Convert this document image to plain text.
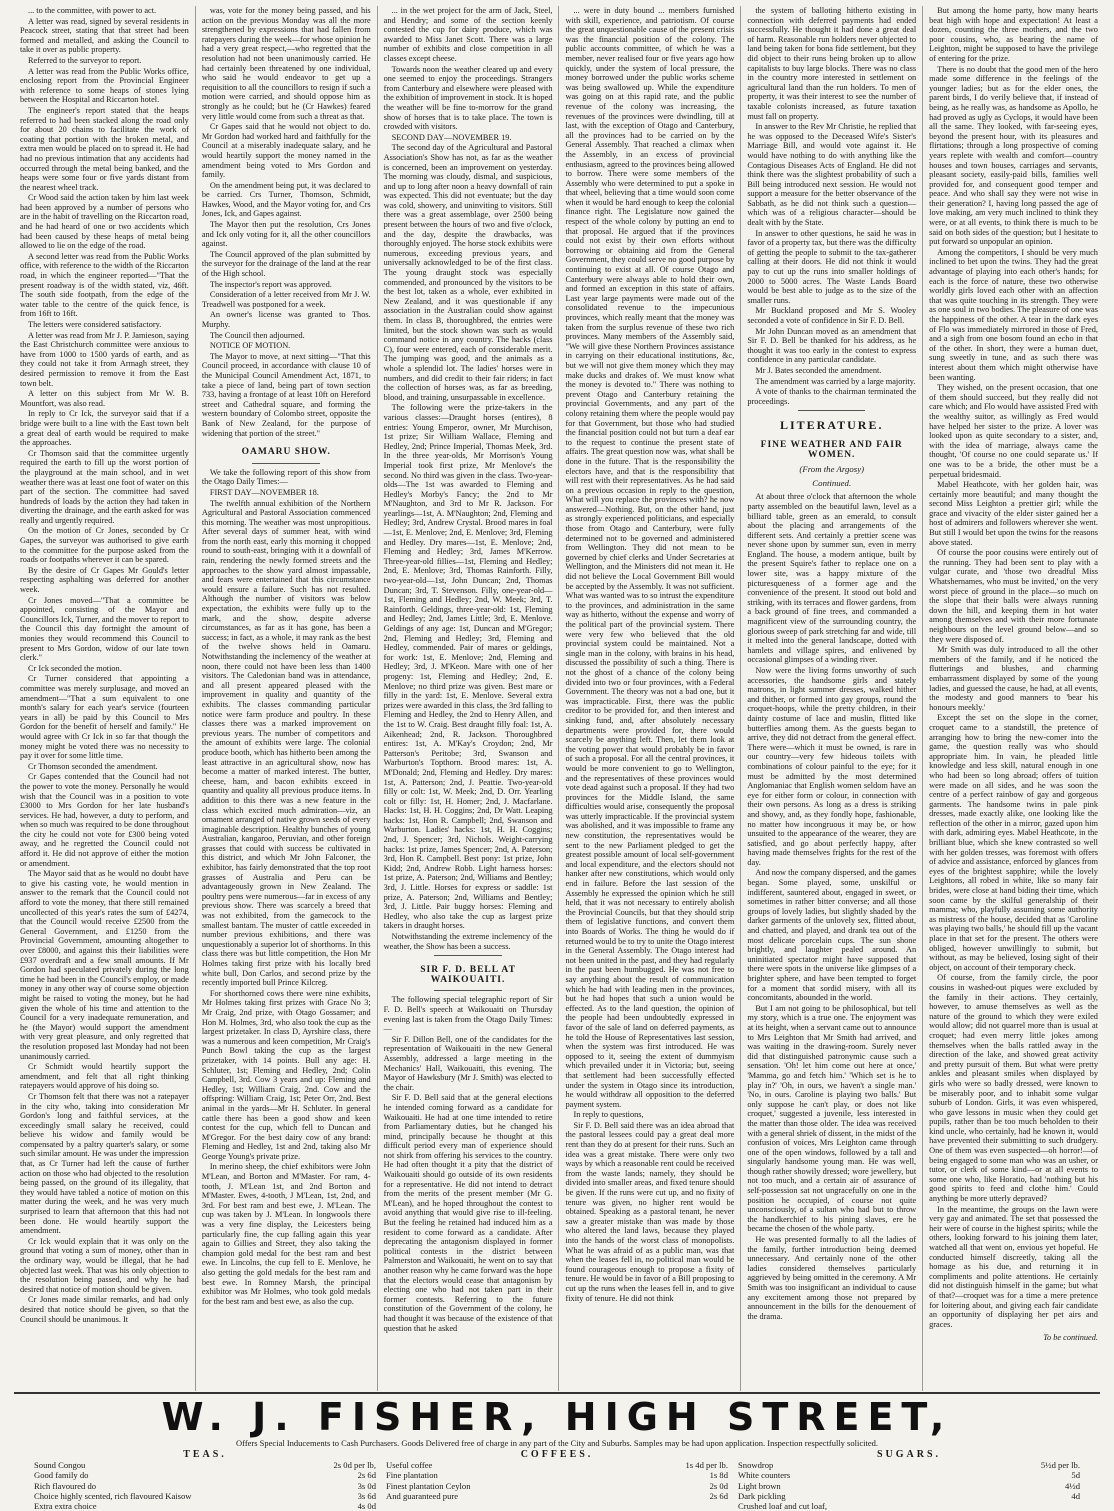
... to the committee, with power to act.

A letter was read, signed by several residents in Peacock street, stating that that street had been formed and metalled, and asking the Council to take it over as public property.

Referred to the surveyor to report.

A letter was read from the Public Works office, enclosing report from the Provincial Engineer with reference to some heaps of stones lying between the Hospital and Riccarton hotel.

The engineer's report stated that the heaps referred to had been stacked along the road only for about 20 chains to facilitate the work of coating that portion with the broken metal, and extra men would be placed on to spread it. He had had no previous intimation that any accidents had occurred through the metal being banked, and the heaps were some four or five yards distant from the nearest wheel track.

Cr Wood said the action taken by him last week had been approved by a number of persons who are in the habit of travelling on the Riccarton road, and he had heard of one or two accidents which had been caused by these heaps of metal being allowed to lie on the edge of the road.

A second letter was read from the Public Works office, with reference to the width of the Riccarton road, in which the engineer reported—"That the present roadway is of the width stated, viz, 46ft. The south side footpath, from the edge of the water table to the centre of the quick fence, is from 16ft to 16ft.

The letters were considered satisfactory.

A letter was read from Mr J. P. Jamieson, saying the East Christchurch committee were anxious to have from 1000 to 1500 yards of earth, and as they could not take it from Armagh street, they desired permission to remove it from the East town belt.

A letter on this subject from Mr W. B. Mountfort, was also read.

In reply to Cr Ick, the surveyor said that if a bridge were built to a line with the East town belt a great deal of earth would be required to make the approaches.

Cr Thomson said that the committee urgently required the earth to fill up the worst portion of the playground at the main school, and in wet weather there was at least one foot of water on this part of the section. The committee had saved hundreds of loads by the action they had taken in diverting the drainage, and the earth asked for was really and urgently required.

On the motion of Cr Jones, seconded by Cr Gapes, the surveyor was authorised to give earth to the committee for the purpose asked from the roads or footpaths wherever it can be spared.

By the desire of Cr Gapes Mr Gould's letter respecting asphalting was deferred for another week.

Cr Jones moved—"That a committee be appointed, consisting of the Mayor and Councillors Ick, Turner, and the mover to report to the Council this day fortnight the amount of monies they would recommend this Council to present to Mrs Gordon, widow of our late town clerk."

Cr Ick seconded the motion.

Cr Turner considered that appointing a committee was merely surplusage, and moved an amendment—"That a sum equivalent to one month's salary for each year's service (fourteen years in all) be paid by this Council to Mrs Gordon for the benefit of herself and family." He would agree with Cr Ick in so far that though the money might be voted there was no necessity to pay it over for some little time.

Cr Thomson seconded the amendment.

Cr Gapes contended that the Council had not the power to vote the money. Personally he would wish that the Council was in a position to vote £3000 to Mrs Gordon for her late husband's services. He had, however, a duty to perform, and when so much was required to be done throughout the city he could not vote for £300 being voted away, and he regretted the Council could not afford it. He did not approve of either the motion or amendment.

The Mayor said that as he would no doubt have to give his casting vote, he would mention in answer to the remark that the Council could not afford to vote the money, that there still remained uncollected of this year's rates the sum of £4274, that the Council would receive £2500 from the General Government, and £1250 from the Provincial Government, amounting altogether to over £8000, and against this their liabilities were £937 overdraft and a few small amounts. If Mr Gordon had speculated privately during the long time he had been in the Council's employ, or made money in any other way of course some objection might be raised to voting the money, but he had given the whole of his time and attention to the Council for a very inadequate remuneration, and he (the Mayor) would support the amendment with very great pleasure, and only regretted that the resolution proposed last Monday had not been unanimously carried.

Cr Schmidt would heartily support the amendment, and felt that all right thinking ratepayers would approve of his doing so.

Cr Thomson felt that there was not a ratepayer in the city who, taking into consideration Mr Gordon's long and faithful services, at the exceedingly small salary he received, could believe his widow and family would be compensated by a paltry quarter's salary, or some such similar amount. He was under the impression that, as Cr Turner had left the cause of further action on those who had objected to the resolution being passed, on the ground of its illegality, that they would have tabled a notice of motion on this matter during the week, and he was very much surprised to learn that afternoon that this had not been done. He would heartily support the amendment.

Cr Ick would explain that it was only on the ground that voting a sum of money, other than in the ordinary way, would be illegal, that he had objected last week. That was his only objection to the resolution being passed, and why he had desired that notice of motion should be given.

Cr Jones made similar remarks, and had only desired that notice should be given, so that the Council should be unanimous. It

was, vote for the money being passed, and his action on the previous Monday was all the more strengthened by expressions that had fallen from ratepayers during the week—for whose opinion he had a very great respect,—who regretted that the resolution had not been unanimously carried. He had certainly been threatened by one individual, who said he would endeavor to get up a requisition to all the councillors to resign if such a motion were carried, and should oppose him as strongly as he could; but he (Cr Hawkes) feared very little would come from such a threat as that.

Cr Gapes said that he would not object to do. Mr Gordon had worked hard and faithfully for the Council at a miserably inadequate salary, and he would heartily support the money named in the amendment being voted to Mrs Gordon and family.

On the amendment being put, it was declared to be carried. Crs Turner, Thomson, Schmidt, Hawkes, Wood, and the Mayor voting for, and Crs Jones, Ick, and Gapes against.

The Mayor then put the resolution, Crs Jones and Ick only voting for it, all the other councillors against.

The Council approved of the plan submitted by the surveyor for the drainage of the land at the rear of the High school.

The inspector's report was approved.

Consideration of a letter received from Mr J. W. Treadwell was postponed for a week.

An owner's license was granted to Thos. Murphy.

The Council then adjourned.

NOTICE OF MOTION.

The Mayor to move, at next sitting—"That this Council proceed, in accordance with clause 10 of the Municipal Council Amendment Act, 1871, to take a piece of land, being part of town section 733, having a frontage of at least 10ft on Hereford street and Cathedral square, and forming the western boundary of Colombo street, opposite the Bank of New Zealand, for the purpose of widening that portion of the street."

OAMARU SHOW.

We take the following report of this show from the Otago Daily Times:—

FIRST DAY—NOVEMBER 18.

The twelfth annual exhibition of the Northern Agricultural and Pastoral Association commenced this morning. The weather was most unpropitious. After several days of summer heat, with wind from the north east, early this morning it chopped round to south-east, bringing with it a downfall of rain, rendering the newly formed streets and the approaches to the show yard almost impassable, and fears were entertained that this circumstance would ensure a failure. Such has not resulted. Although the number of visitors was below expectation, the exhibits were fully up to the mark, and the show, despite adverse circumstances, as far as it has gone, has been a success; in fact, as a whole, it may rank as the best of the twelve shows held in Oamaru. Notwithstanding the inclemency of the weather at noon, there could not have been less than 1400 visitors. The Caledonian band was in attendance, and all present appeared pleased with the improvement in quality and quantity of the exhibits. The classes commanding particular notice were farm produce and poultry. In these classes there was a marked improvement on previous years. The number of competitors and the amount of exhibits were large. The colonial produce booth, which has hitherto been among the least attractive in an agricultural show, now has become a matter of marked interest. The butter, cheese, ham, and bacon exhibits exceed in quantity and quality all previous produce items. In addition to this there was a new feature in the class which excited much admiration—viz, an ornament arranged of native grown seeds of every imaginable description. Healthy bunches of young Australian, kangaroo, Peruvian, and other foreign grasses that could with success be cultivated in this district, and which Mr John Falconer, the exhibitor, has fairly demonstrated that the top root grasses of Australia and Peru can be advantageously grown in New Zealand. The poultry pens were numerous—far in excess of any previous show. There was scarcely a breed that was not exhibited, from the gamecock to the smallest bantam. The muster of cattle exceeded in number previous exhibitions, and there was unquestionably a superior lot of shorthorns. In this class there was but little competition, the Hon Mr Holmes taking first prize with his locally bred white bull, Don Carlos, and second prize by the recently imported bull Prince Kilcreg.

For shorthorned cows there were nine exhibits, Mr Holmes taking first prizes with Grace No 3; Mr Craig, 2nd prize, with Otago Gossamer; and Hon M. Holmes, 3rd, who also took the cup as the largest prizetaker. In class D, Ayrshire class, there was a numerous and keen competition, Mr Craig's Punch Bowl taking the cup as the largest prizetaker, with 14 points. Bull any age: H. Schluter, 1st; Fleming and Hedley, 2nd; Colin Campbell, 3rd. Cow 3 years and up: Fleming and Hedley, 1st; William Craig, 2nd. Cow and the offspring: William Craig, 1st; Peter Orr, 2nd. Best animal in the yards—Mr H. Schluter. In general cattle there has been a good show and keen contest for the cup, which fell to Duncan and M'Gregor. For the best dairy cow of any brand: Fleming and Hedley, 1st and 2nd, taking also Mr George Young's private prize.

In merino sheep, the chief exhibitors were John M'Lean, and Borton and M'Master. For ram, 4-tooth, J. M'Lean 1st, and 2nd Borton and M'Master. Ewes, 4-tooth, J M'Lean, 1st, 2nd, and 3rd. For best ram and best ewe, J. M'Lean. The cup was taken by J. M'Lean. In longwools there was a very fine display, the Leicesters being particularly fine, the cup falling again this year again to Gillies and Street, they also taking the champion gold medal for the best ram and best ewe. In Lincolns, the cup fell to E. Menlove, he also getting the gold medals for the best ram and best ewe. In Romney Marsh, the principal exhibitor was Mr Holmes, who took gold medals for the best ram and best ewe, as also the cup.

... in the wet project for the arm of Jack, Steel, and Hendry; and some of the section keenly contested the cup for dairy produce, which was awarded to Miss Janet Scott. There was a large number of exhibits and close competition in all classes except cheese.

Towards noon the weather cleared up and every one seemed to enjoy the proceedings. Strangers from Canterbury and elsewhere were pleased with the exhibition of improvement in stock. It is hoped the weather will be fine to-morrow for the grand show of horses that is to take place. The town is crowded with visitors.

SECOND DAY—NOVEMBER 19.

The second day of the Agricultural and Pastoral Association's Show has not, as far as the weather is concerned, been an improvement on yesterday. The morning was cloudy, dismal, and suspicious, and up to long after noon a heavy downfall of rain was expected. This did not eventuate; but the day was cold, showery, and uninviting to visitors. Still there was a great assemblage, over 2500 being present between the hours of two and five o'clock, and the day, despite the drawbacks, was thoroughly enjoyed. The horse stock exhibits were numerous, exceeding previous years, and universally acknowledged to be of the first class. The young draught stock was especially commended, and pronounced by the visitors to be the best lot, taken as a whole, ever exhibited in New Zealand, and it was questionable if any association in the Australian could show against them. In class B, thoroughbred, the entries were limited, but the stock shown was such as would command notice in any country. The hacks (class C), four were entered, each of considerable merit. The jumping was good, and the animals as a whole a splendid lot. The ladies' horses were in numbers, and did credit to their fair riders; in fact the collection of horses was, as far as breeding, blood, and training, unsurpassable in excellence.

The following were the prize-takers in the various classes:—Draught horses (entires), 8 entries: Young Emperor, owner, Mr Murchison, 1st prize; Sir William Wallace, Fleming and Hedley, 2nd; Prince Imperial, Thomas Meek, 3rd. In the three year-olds, Mr Morrison's Young Imperial took first prize, Mr Menlove's the second. No third was given in the class. Two-year-olds—The 1st was awarded to Fleming and Hedley's Morby's Fancy; the 2nd to Mr M'Naughton, and 3rd to Mr R. Jackson. For yearlings—1st, A. M'Naughton; 2nd, Fleming and Hedley; 3rd, Andrew Crystal. Brood mares in foal—1st, E. Menlove; 2nd, E. Menlove; 3rd, Fleming and Hedley. Dry mares—1st, E. Menlove; 2nd, Fleming and Hedley; 3rd, James M'Kerrow. Three-year-old fillies—1st, Fleming and Hedley; 2nd, E. Menlove; 3rd, Thomas Rainforth. Filly, two-year-old—1st, John Duncan; 2nd, Thomas Duncan; 3rd, T. Stevenson. Filly, one-year-old—1st, Fleming and Hedley; 2nd, W. Meek; 3rd, T. Rainforth. Geldings, three-year-old: 1st, Fleming and Hedley; 2nd, James Little; 3rd, E. Menlove. Geldings of any age: 1st, Duncan and M'Gregor; 2nd, Fleming and Hedley; 3rd, Fleming and Hedley, commended. Pair of mares or geldings, for work: 1st, E. Menlove; 2nd, Fleming and Hedley; 3rd, J. M'Keon. Mare with one of her progeny: 1st, Fleming and Hedley; 2nd, E. Menlove; no third prize was given. Best mare or filly in the yard: 1st, E. Menlove. Several extra prizes were awarded in this class, the 3rd falling to Fleming and Hedley, the 2nd to Henry Allen, and the 1st to W. Craig. Best draught filly foal: 1st, A. Aikenhead; 2nd, R. Jackson. Thoroughbred entires: 1st, A. M'Kay's Croydon; 2nd, Mr Patterson's Peritobe; 3rd, Swanson and Warburton's Topthorn. Brood mares: 1st, A. M'Donald; 2nd, Fleming and Hedley. Dry mares: 1st, A. Patterson; 2nd, J. Peattie. Two-year-old filly or colt: 1st, W. Meek; 2nd, D. Orr. Yearling colt or filly: 1st, H. Homer; 2nd, J. Macfarlane. Hacks: 1st, H. H. Coggins; 2nd, Dr Watt. Leaping hacks: 1st, Hon R. Campbell; 2nd, Swanson and Warburton. Ladies' hacks: 1st, H. H. Coggins; 2nd, J. Spencer; 3rd, Nichols. Weight-carrying hacks: 1st prize, James Spencer; 2nd, A. Paterson; 3rd, Hon R. Campbell. Best pony: 1st prize, John Kidd; 2nd, Andrew Robb. Light harness horses: 1st prize, A. Paterson; 2nd, Williams and Bentley; 3rd, J. Little. Horses for express or saddle: 1st prize, A. Paterson; 2nd, Williams and Bentley; 3rd, J. Little. Pair buggy horses: Fleming and Hedley, who also take the cup as largest prize takers in draught horses.

Notwithstanding the extreme inclemency of the weather, the Show has been a success.

SIR F. D. BELL AT WAIKOUAITI.

The following special telegraphic report of Sir F. D. Bell's speech at Waikouaiti on Thursday evening last is taken from the Otago Daily Times:—

Sir F. Dillon Bell, one of the candidates for the representation of Waikouaiti in the new General Assembly, addressed a large meeting in the Mechanics' Hall, Waikouaiti, this evening. The Mayor of Hawksbury (Mr J. Smith) was elected to the chair.

Sir F. D. Bell said that at the general elections he intended coming forward as a candidate for Waikouaiti. He had at one time intended to retire from Parliamentary duties, but he changed his mind, principally because he thought at this difficult period every man of experience should not shirk from offering his services to the country. He had often thought it a pity that the district of Waikouaiti should go outside of its own residents for a representative. He did not intend to detract from the merits of the present member (Mr G. M'Lean), and he hoped throughout the contest to avoid anything that would give rise to ill-feeling. But the feeling he retained had induced him as a resident to come forward as a candidate. After deprecating the antagonism displayed in former political contests in the district between Palmerston and Waikouaiti, he went on to say that another reason why he came forward was the hope that the electors would cease that antagonism by electing one who had not taken part in their former contests. Referring to the future constitution of the Government of the colony, he had thought it was because of the existence of that question that he asked

... were in duty bound ... members furnished with skill, experience, and patriotism. Of course the great unquestionable cause of the present crisis was the financial position of the colony. The public accounts committee, of which he was a member, never realised four or five years ago how quickly, under the system of local pressure, the money borrowed under the public works scheme was being swallowed up. While the expenditure was going on at this rapid rate, and the public revenue of the colony was increasing, the revenues of the provinces were dwindling, till at last, with the exception of Otago and Canterbury, all the provinces had to be carried on by the General Assembly. That reached a climax when the Assembly, in an excess of provincial enthusiasm, agreed to the provinces being allowed to borrow. There were some members of the Assembly who were determined to put a spoke in that wheel, believing that a time would soon come when it would be hard enough to keep the colonial finance right. The Legislature now gained the respect of the whole colony by putting an end to that proposal. He argued that if the provinces could not exist by their own efforts without borrowing or obtaining aid from the General Government, they could serve no good purpose by continuing to exist at all. Of course Otago and Canterbury were always able to hold their own, and formed an exception in this state of affairs. Last year large payments were made out of the consolidated revenue to the impecunious provinces, which really meant that the money was taken from the surplus revenue of these two rich provinces. Many members of the Assembly said, "We will give these Northern Provinces assistance in carrying on their educational institutions, &c, but we will not give them money which they may make ducks and drakes of. We must know what the money is devoted to." There was nothing to prevent Otago and Canterbury retaining the provincial Governments, and any part of the colony retaining them where the people would pay for that Government, but those who had studied the financial position could not but turn a deaf ear to the request to continue the present state of affairs. The great question now was, what shall be done in the future. That is the responsibility the electors have, and that is the responsibility that will rest with their representatives. As he had said on a previous occasion in reply to the question, What will you replace the provinces with? he now answered—Nothing. But, on the other hand, just as strongly experienced politicians, and especially those from Otago and Canterbury, were fully determined not to be governed and administered from Wellington. They did not mean to be governed by chief clerks and Under Secretaries at Wellington, and the Ministers did not mean it. He did not believe the Local Government Bill would be accepted by the Assembly. It was not sufficient. What was wanted was to so intrust the expenditure to the provinces, and administration in the same way as hitherto, without the expense and worry of the political part of the provincial system. There were very few who believed that the old provincial system could be maintained. Not a single man in the colony, with brains in his head, discussed the possibility of such a thing. There is not the ghost of a chance of the colony being divided into two or four provinces, with a Federal Government. The theory was not a bad one, but it was impracticable. First, there was the public creditor to be provided for, and then interest and sinking fund, and, after absolutely necessary departments were provided for, there would scarcely be anything left. Then, let them look at the voting power that would probably be in favor of such a proposal. For all the central provinces, it would be more convenient to go to Wellington, and the representatives of these provinces would vote dead against such a proposal. If they had two provinces for the Middle Island, the same difficulties would arise, consequently the proposal was utterly impracticable. If the provincial system was abolished, and it was impossible to frame any new constitution, the representatives would be sent to the new Parliament pledged to get the greatest possible amount of local self-government and local expenditure, and the electors should not hanker after new constitutions, which would only end in failure. Before the last session of the Assembly he expressed the opinion which he still held, that it was not necessary to entirely abolish the Provincial Councils, but that they should strip them of legislative functions, and convert them into Boards of Works. The thing he would do if returned would be to try to unite the Otago interest in the General Assembly. The Otago interest had not been united in the past, and they had regularly in the past been humbugged. He was not free to say anything about the result of communication which he had with leading men in the provinces, but he had hopes that such a union would be effected. As to the land question, the opinion of the people had been undoubtedly expressed in favor of the sale of land on deferred payments, as he told the House of Representatives last session, when the system was first introduced. He was opposed to it, seeing the extent of dummyism which prevailed under it in Victoria; but, seeing that settlement had been successfully effected under the system in Otago since its introduction, he would withdraw all opposition to the deferred payment system.

In reply to questions,

Sir F. D. Bell said there was an idea abroad that the pastoral lessees could pay a great deal more rent than they do at present for their runs. Such an idea was a great mistake. There were only two ways by which a reasonable rent could be received from the waste lands; namely, they should be divided into smaller areas, and fixed tenure should be given. If the runs were cut up, and no fixity of tenure was given, no higher rent would be obtained. Speaking as a pastoral tenant, he never saw a greater mistake than was made by those who altered the land laws, because they played into the hands of the worst class of monopolists. What he was afraid of as a public man, was that when the leases fell in, no political man would be found courageous enough to propose a fixity of tenure. He would be in favor of a Bill proposing to cut up the runs when the leases fell in, and to give fixity of tenure. He did not think

the system of balloting hitherto existing in connection with deferred payments had ended successfully. He thought it had done a great deal of harm. Reasonable run holders never objected to land being taken for bona fide settlement, but they did object to their runs being broken up to allow capitalists to buy large blocks. There was no class in the country more interested in settlement on agricultural land than the run holders. To men of property, it was their interest to see the number of taxable colonists increased, as future taxation must fall on property.

In answer to the Rev Mr Christie, he replied that he was opposed to the Deceased Wife's Sister's Marriage Bill, and would vote against it. He would have nothing to do with anything like the Contagious Diseases Acts of England. He did not think there was the slightest probability of such a Bill being introduced next session. He would not support a measure for the better observance of the Sabbath, as he did not think such a question—which was of a religious character—should be dealt with by the State.

In answer to other questions, he said he was in favor of a property tax, but there was the difficulty of getting the people to submit to the tax-gatherer calling at their doors. He did not think it would pay to cut up the runs into smaller holdings of 2000 to 5000 acres. The Waste Lands Board would be best able to judge as to the size of the smaller runs.

Mr Buckland proposed and Mr S. Wooley seconded a vote of confidence in Sir F. D. Bell.

Mr John Duncan moved as an amendment that Sir F. D. Bell be thanked for his address, as he thought it was too early in the contest to express confidence in any particular candidate.

Mr J. Bates seconded the amendment.

The amendment was carried by a large majority.

A vote of thanks to the chairman terminated the proceedings.

LITERATURE.
FINE WEATHER AND FAIR WOMEN.
(From the Argosy)
Continued.

At about three o'clock that afternoon the whole party assembled on the beautiful lawn, level as a billiard table, green as an emerald, to consult about the placing and arrangements of the different sets. And certainly a prettier scene was never shone upon by summer sun, even in merry England. The house, a modern antique, built by the present Squire's father to replace one on a lower site, was a happy mixture of the picturesqueness of a former age and the convenience of the present. It stood out bold and striking, with its terraces and flower gardens, from a back ground of fine trees, and commanded a magnificent view of the surrounding country, the glorious sweep of park stretching far and wide, till it melted into the general landscape, dotted with hamlets and village spires, and enlivened by occasional glimpses of a winding river.

Now were the living forms unworthy of such accessories, the handsome girls and stately matrons, in light summer dresses, walked hither and thither, or formed into gay groups, round the croquet-hoops, while the pretty children, in their dainty costume of lace and muslin, flitted like butterflies among them. As the guests began to arrive, they did not detract from the general effect. There were—which it must be owned, is rare in our country—very few hideous toilets with combinations of colour painful to the eye; for it must be admitted by the most determined Anglomaniac that English women seldom have an eye for either form or colour, in connection with their own persons. As long as a dress is striking and showy, and, as they fondly hope, fashionable, no matter how incongruous it may be, or how unsuited to the appearance of the wearer, they are satisfied, and go about perfectly happy, after having made themselves frights for the rest of the day.

And now the company dispersed, and the games began. Some played, some, unskilful or indifferent, sauntered about, engaged in sweet, or sometimes in rather bitter converse; and all those groups of lovely ladies, but slightly shaded by the darker garments of the unlovely sex, flitted about, and chatted, and played, and drank tea out of the most delicate porcelain cups. The sun shone brightly, and laughter pealed around. An uninitiated spectator might have supposed that there were spots in the universe like glimpses of a brighter sphere, and have been tempted to forget for a moment that sordid misery, with all its concomitants, abounded in the world.

But I am not going to be philosophical, but tell my story, which is a true one. The enjoyment was at its height, when a servant came out to announce to Mrs Leighton that Mr Smith had arrived, and was waiting in the drawing-room. Surely never did that distinguished patronymic cause such a sensation. 'Oh! let him come out here at once,' 'Mamma, go and fetch him.' 'Which set is he to play in?' 'Oh, in ours, we haven't a single man.' 'No, in ours. Caroline is playing two balls.' But only suppose he can't play, or does not like croquet,' suggested a juvenile, less interested in the matter than those older. The idea was received with a general shriek of dissent, in the midst of the confusion of voices, Mrs Leighton came through one of the open windows, followed by a tall and singularly handsome young man. He was well, though rather showily dressed; wore jewellery, but not too much, and a certain air of assurance of self-possession sat not ungracefully on one in the position he occupied, of course not quite unconsciously, of a sultan who had but to throw the handkerchief to his pining slaves, ere he became the chosen of the whole party.

He was presented formally to all the ladies of the family, further introduction being deemed unnecessary. And certainly none of the other ladies considered themselves particularly aggrieved by being omitted in the ceremony. A Mr Smith was too insignificant an individual to cause any excitement among those not prepared by announcement in the bills for the denouement of the drama.

But among the home party, how many hearts beat high with hope and expectation! At least a dozen, counting the three mothers, and the two poor cousins, who, as bearing the name of Leighton, might be supposed to have the privilege of entering for the prize.

There is no doubt that the good men of the hero made some difference in the feelings of the younger ladies; but as for the elder ones, the parent birds, I do verily believe that, if instead of being, as he really was, as handsome as Apollo, he had proved as ugly as Cyclops, it would have been all the same. They looked, with far-seeing eyes, beyond the present hour, with its pleasures and flirtations; through a long prospective of coming years replete with wealth and comfort—country houses and town houses, carriages and servants, pleasant society, easily-paid bills, families well provided for, and consequent good temper and peace. And who shall say they were not wise in their generation? I, having long passed the age of love making, am very much inclined to think they were, or at all events, to think there is much to be said on both sides of the question; but I hesitate to put forward so unpopular an opinion.

Among the competitors, I should be very much inclined to bet upon the twins. They had the great advantage of playing into each other's hands; for each is the force of nature, these two otherwise worldly girls loved each other with an affection that was quite touching in its strength. They were as one soul in two bodies. The pleasure of one was the happiness of the other. A tear in the dark eyes of Flo was immediately mirrored in those of Fred, and a sigh from one bosom found an echo in that of the other. In short, they were a human duet, sung sweetly in tune, and as such there was interest about them which might otherwise have been wanting.

They wished, on the present occasion, that one of them should succeed, but they really did not care which; and Flo would have assisted Fred with the wealthy suitor, as willingly as Fred would have helped her sister to the prize. A lover was looked upon as quite secondary to a sister, and, with the idea of marriage, always came the thought, 'Of course no one could separate us.' If one was to be a bride, the other must be a perpetual bridesmaid.

Mabel Heathcote, with her golden hair, was certainly more beautiful; and many thought the second Miss Leighton a prettier girl; while the grace and vivacity of the elder sister gained her a host of admirers and followers wherever she went. But still I would bet upon the twins for the reasons above stated.

Of course the poor cousins were entirely out of the running. They had been sent to play with a vulgar curate, and 'those two dreadful Miss Whatshernames, who must be invited,' on the very worst piece of ground in the place—so much on the slope that their balls were always running down the hill, and keeping them in hot water among themselves and with their more fortunate neighbours on the level ground below—and so they were disposed of.

Mr Smith was duly introduced to all the other members of the family, and if he noticed the flutterings and blushes, and charming embarrassment displayed by some of the young ladies, and guessed the cause, he had, at all events, the modesty and good manners to 'bear his honours meekly.'

Except the set on the slope in the corner, croquet came to a standstill, the pretence of arranging how to bring the new-comer into the game, the question really was who should appropriate him. In vain, he pleaded little knowledge and less skill, natural enough in one who had been so long abroad; offers of tuition were made on all sides, and he was soon the centre of a perfect rainbow of gay and gorgeous garments. The handsome twins in pale pink dresses, made exactly alike, one looking like the reflection of the other in a mirror, gazed upon him with dark, admiring eyes. Mabel Heathcote, in the brilliant blue, which she knew contrasted so well with her golden tresses, was foremost with offers of advice and assistance, enforced by glances from eyes of the brightest sapphire; while the lovely Leightons, all robed in white, like so many fair brides, were close at hand biding their time, which soon came by the skilful generalship of their mamma; who, playfully assuming some authority as mistress of the house, decided that as 'Caroline was playing two balls,' he should fill up the vacant place in that set for the present. The others were obliged, however unwillingly to submit, but without, as may be believed, losing sight of their object, on account of their temporary check.

Of course, from the family circle, the poor cousins in washed-out piques were excluded by the family in their actions. They certainly, however, to amuse themselves as well as the nature of the ground to which they were exiled would allow; did not quarrel more than is usual at croquet; had even merry little jokes among themselves when the balls rattled away in the direction of the lake, and showed great activity and pretty pursuit of them. But what were pretty ankles and pleasant smiles when displayed by girls who were so badly dressed, were known to be miserably poor, and to inhabit some vulgar suburb of London. Girls, it was even whispered, who gave lessons in music when they could get pupils, rather than be too much beholden to their kind uncle, who certainly, had he known it, would have prevented their submitting to such drudgery. One of them was even suspected—oh horror!—of being engaged to some man who was an usher, or tutor, or clerk of some kind—or at all events to some one who, like Horatio, had 'nothing but his good spirits to feed and clothe him.' Could anything be more utterly depraved?

In the meantime, the groups on the lawn were very gay and animated. The set that possessed the heir were of course in the highest spirits; while the others, looking forward to his joining them later, watched all that went on, envious yet hopeful. He conducted himself discreetly, taking all the homage as his due, and returning it in compliments and polite attentions. He certainly did not distinguish himself in the game; but what of that?—croquet was for a time a mere pretence for loitering about, and giving each fair candidate an opportunity of displaying her pet airs and graces.

To be continued.
W. J. FISHER, HIGH STREET,
Offers Special Inducements to Cash Purchasers. Goods Delivered free of charge in any part of the City and Suburbs. Samples may be had upon application. Inspection respectfully solicited.
TEAS.
Sound Congou	2s 0d per lb,
Good family do	2s 6d
Rich flavoured do	3s 0d
Choice highly scented, rich flavoured Kaisow	3s 6d
Extra extra choice	4s 0d
COFFEES.
Useful coffee	1s 4d per lb.
Fine plantation	1s 8d
Finest plantation Ceylon	2s 0d
And guaranteed pure	2s 6d
SUGARS.
Snowdrop	5½d per lb.
White counters	5d
Light brown	4½d
Dark pickling	4d
Crushed loaf and cut loaf,
